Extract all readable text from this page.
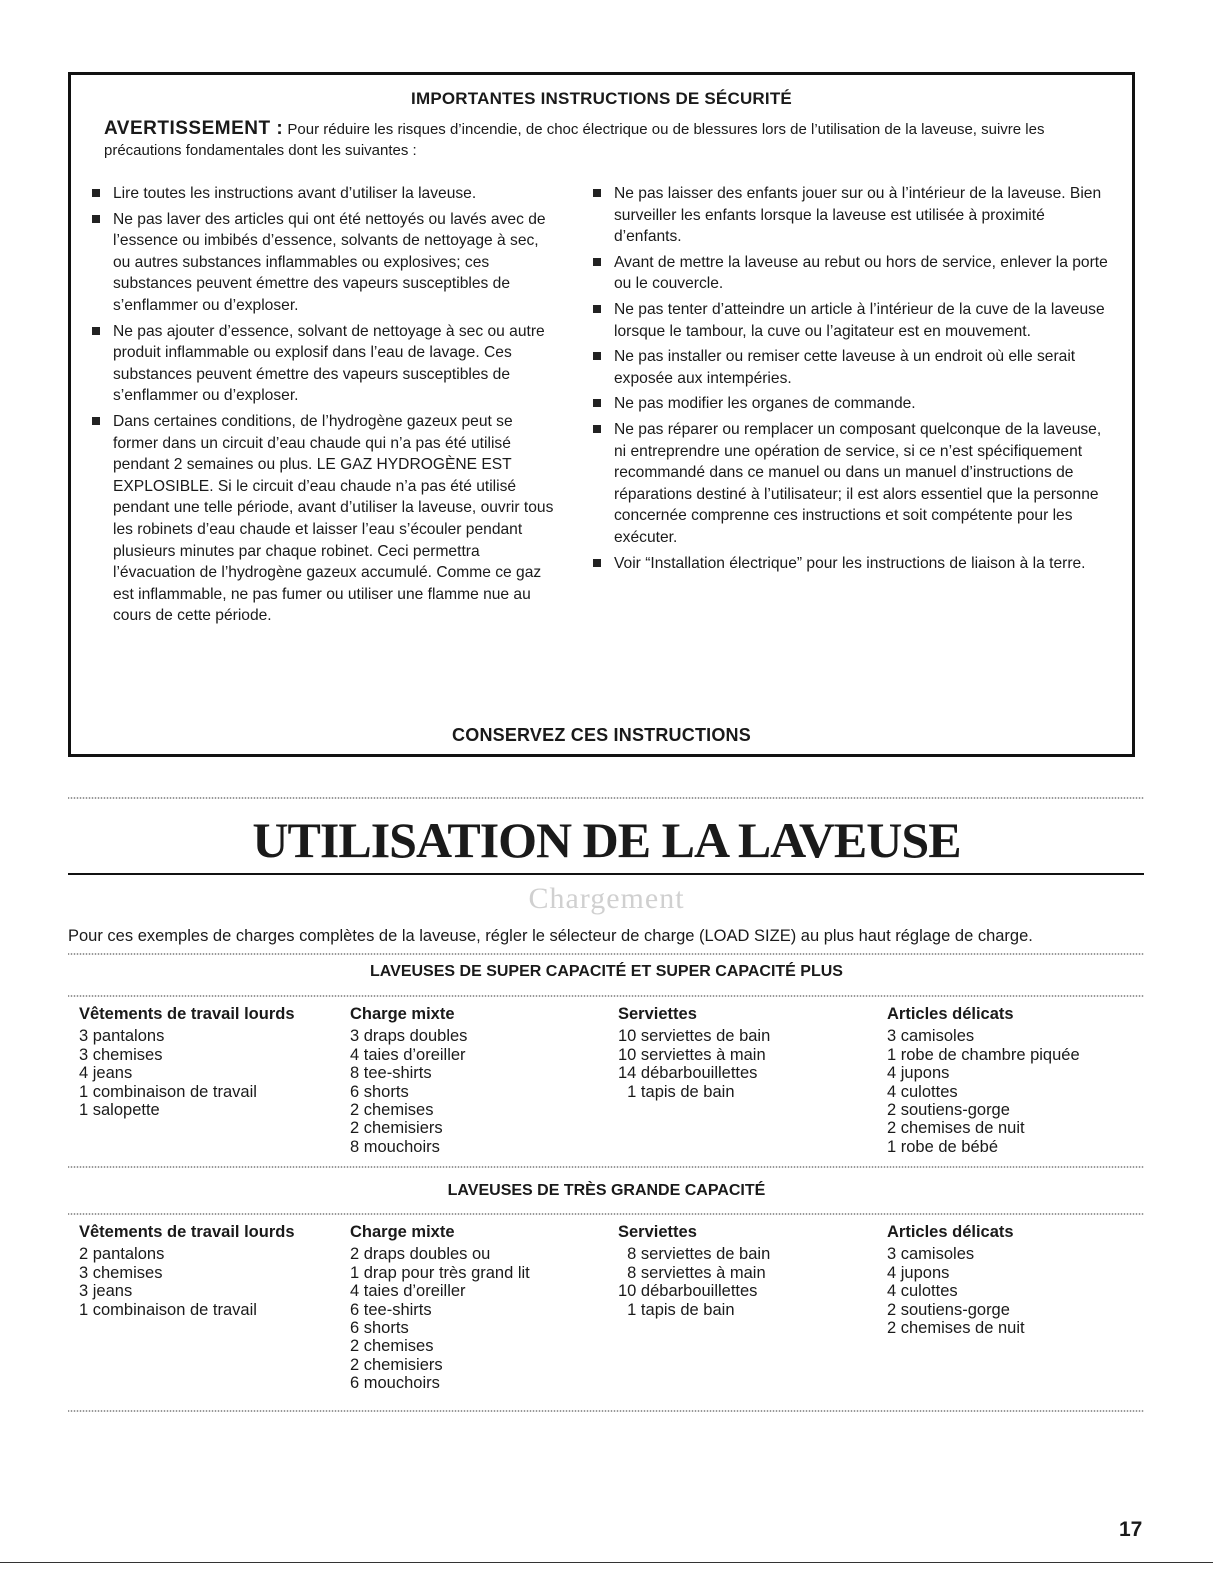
IMPORTANTES INSTRUCTIONS DE SÉCURITÉ
AVERTISSEMENT : Pour réduire les risques d’incendie, de choc électrique ou de blessures lors de l’utilisation de la laveuse, suivre les précautions fondamentales dont les suivantes :
Lire toutes les instructions avant d’utiliser la laveuse.
Ne pas laver des articles qui ont été nettoyés ou lavés avec de l’essence ou imbibés d’essence, solvants de nettoyage à sec, ou autres substances inflammables ou explosives; ces substances peuvent émettre des vapeurs susceptibles de s’enflammer ou d’exploser.
Ne pas ajouter d’essence, solvant de nettoyage à sec ou autre produit inflammable ou explosif dans l’eau de lavage. Ces substances peuvent émettre des vapeurs susceptibles de s’enflammer ou d’exploser.
Dans certaines conditions, de l’hydrogène gazeux peut se former dans un circuit d’eau chaude qui n’a pas été utilisé pendant 2 semaines ou plus. LE GAZ HYDROGÈNE EST EXPLOSIBLE. Si le circuit d’eau chaude n’a pas été utilisé pendant une telle période, avant d’utiliser la laveuse, ouvrir tous les robinets d’eau chaude et laisser l’eau s’écouler pendant plusieurs minutes par chaque robinet. Ceci permettra l’évacuation de l’hydrogène gazeux accumulé. Comme ce gaz est inflammable, ne pas fumer ou utiliser une flamme nue au cours de cette période.
Ne pas laisser des enfants jouer sur ou à l’intérieur de la laveuse. Bien surveiller les enfants lorsque la laveuse est utilisée à proximité d’enfants.
Avant de mettre la laveuse au rebut ou hors de service, enlever la porte ou le couvercle.
Ne pas tenter d’atteindre un article à l’intérieur de la cuve de la laveuse lorsque le tambour, la cuve ou l’agitateur est en mouvement.
Ne pas installer ou remiser cette laveuse à un endroit où elle serait exposée aux intempéries.
Ne pas modifier les organes de commande.
Ne pas réparer ou remplacer un composant quelconque de la laveuse, ni entreprendre une opération de service, si ce n’est spécifiquement recommandé dans ce manuel ou dans un manuel d’instructions de réparations destiné à l’utilisateur; il est alors essentiel que la personne concernée comprenne ces instructions et soit compétente pour les exécuter.
Voir “Installation électrique” pour les instructions de liaison à la terre.
CONSERVEZ CES INSTRUCTIONS
UTILISATION DE LA LAVEUSE
Chargement
Pour ces exemples de charges complètes de la laveuse, régler le sélecteur de charge (LOAD SIZE) au plus haut réglage de charge.
LAVEUSES DE SUPER CAPACITÉ ET SUPER CAPACITÉ PLUS
Vêtements de travail lourds
3 pantalons
3 chemises
4 jeans
1 combinaison de travail
1 salopette
Charge mixte
3 draps doubles
4 taies d’oreiller
8 tee-shirts
6 shorts
2 chemises
2 chemisiers
8 mouchoirs
Serviettes
10 serviettes de bain
10 serviettes à main
14 débarbouillettes
1 tapis de bain
Articles délicats
3 camisoles
1 robe de chambre piquée
4 jupons
4 culottes
2 soutiens-gorge
2 chemises de nuit
1 robe de bébé
LAVEUSES DE TRÈS GRANDE CAPACITÉ
Vêtements de travail lourds
2 pantalons
3 chemises
3 jeans
1 combinaison de travail
Charge mixte
2 draps doubles ou
1 drap pour très grand lit
4 taies d’oreiller
6 tee-shirts
6 shorts
2 chemises
2 chemisiers
6 mouchoirs
Serviettes
8 serviettes de bain
8 serviettes à main
10 débarbouillettes
1 tapis de bain
Articles délicats
3 camisoles
4 jupons
4 culottes
2 soutiens-gorge
2 chemises de nuit
17
